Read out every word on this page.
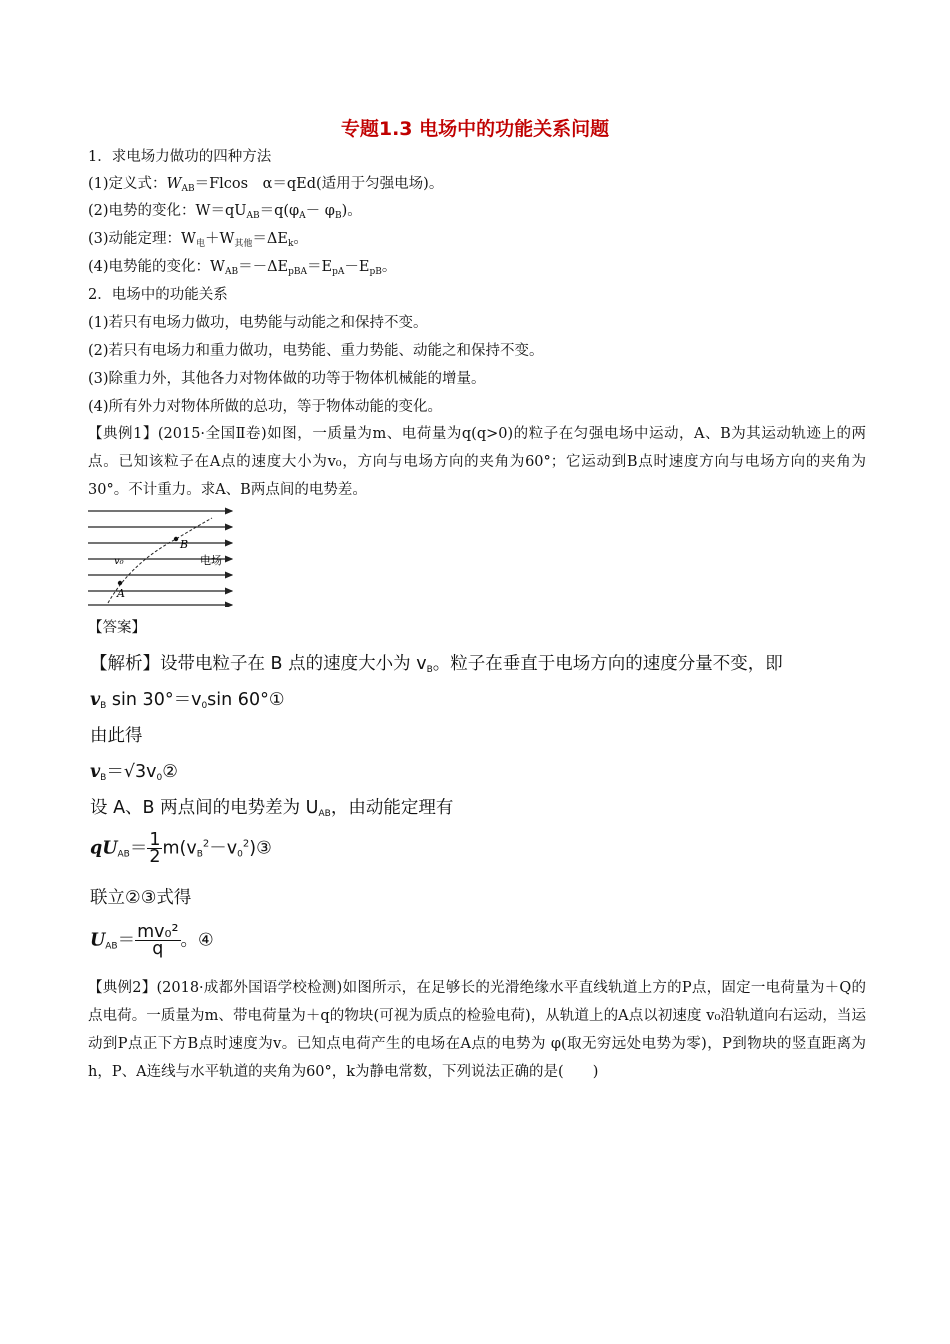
专题1.3 电场中的功能关系问题
1．求电场力做功的四种方法
(1)定义式：$W_{AB}=Flcos$　α＝qEd(适用于匀强电场)。
(2)电势的变化：$W=qU_{AB}=q(\varphi_A- \varphi_B)$。
(3)动能定理：$W_电+W_{其他}=\Delta E_k$。
(4)电势能的变化：$W_{AB}=-\Delta E_{pBA}=E_{pA}-E_{pB}$。
2．电场中的功能关系
(1)若只有电场力做功，电势能与动能之和保持不变。
(2)若只有电场力和重力做功，电势能、重力势能、动能之和保持不变。
(3)除重力外，其他各力对物体做的功等于物体机械能的增量。
(4)所有外力对物体所做的总功，等于物体动能的变化。
【典例1】(2015·全国Ⅱ卷)如图，一质量为m、电荷量为q(q>0)的粒子在匀强电场中运动，A、B为其运动轨迹上的两点。已知该粒子在A点的速度大小为v₀，方向与电场方向的夹角为60°；它运动到B点时速度方向与电场方向的夹角为30°。不计重力。求A、B两点间的电势差。
B
A
v₀	电场
【答案】
【解析】设带电粒子在 B 点的速度大小为 $v_B$。粒子在垂直于电场方向的速度分量不变，即
$v_B$ $\sin 30^\circ=v_0\sin$ 60°①
由此得
$v_B=√3v_0②$
设 A、B 两点间的电势差为 $U_{AB}$，由动能定理有
$qU_{AB}= \frac{1}{2}$ $m(v_B^2-v_0^2)③$
联立②③式得
$U_{AB}= \frac{\text{mv₀²}}{q}$ 。④
【典例2】(2018·成都外国语学校检测)如图所示，在足够长的光滑绝缘水平直线轨道上方的P点，固定一电荷量为＋Q的点电荷。一质量为m、带电荷量为＋q的物块(可视为质点的检验电荷)，从轨道上的A点以初速度 v₀沿轨道向右运动，当运动到P点正下方B点时速度为v。已知点电荷产生的电场在A点的电势为 φ(取无穷远处电势为零)，P到物块的竖直距离为h，P、A连线与水平轨道的夹角为60°，k为静电常数，下列说法正确的是(　　)
